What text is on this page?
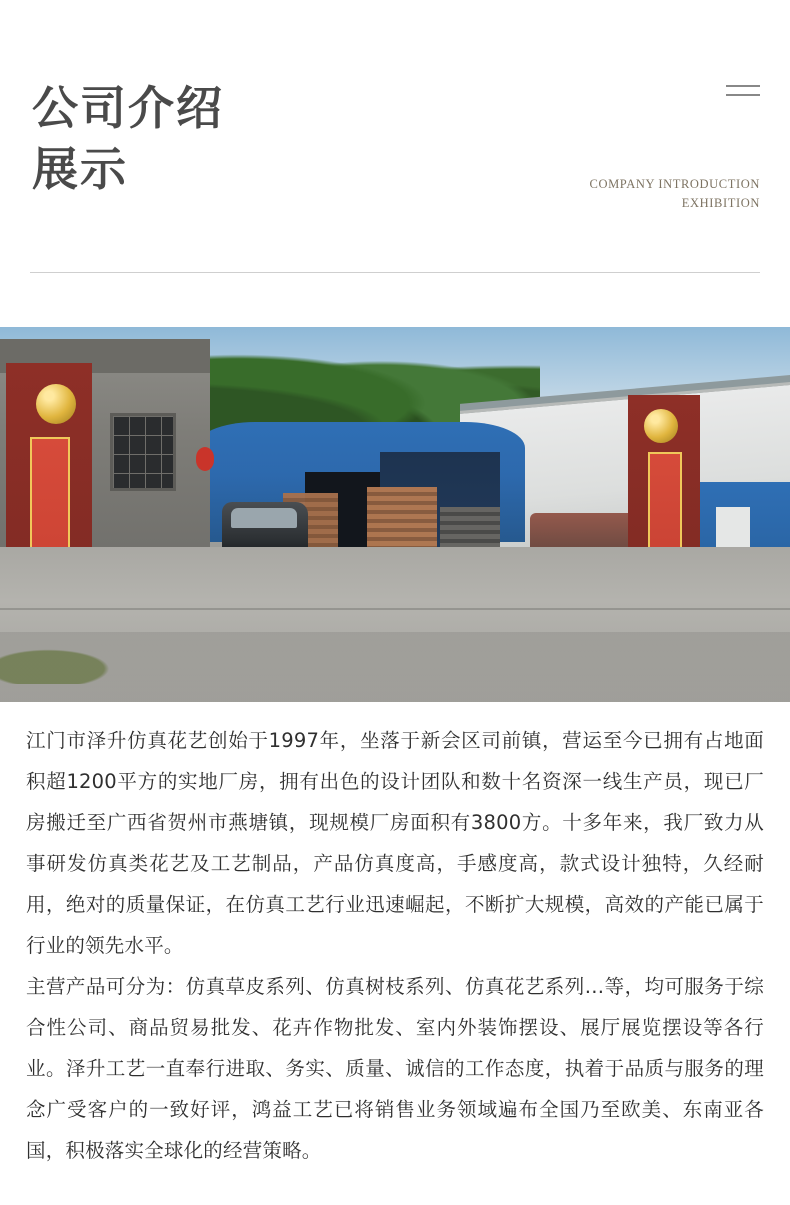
公司介绍
展示	COMPANY INTRODUCTION
EXHIBITION

江门市泽升仿真花艺创始于1997年，坐落于新会区司前镇，营运至今已拥有占地面积超1200平方的实地厂房，拥有出色的设计团队和数十名资深一线生产员，现已厂房搬迁至广西省贺州市燕塘镇，现规模厂房面积有3800方。十多年来，我厂致力从事研发仿真类花艺及工艺制品，产品仿真度高，手感度高，款式设计独特，久经耐用，绝对的质量保证，在仿真工艺行业迅速崛起，不断扩大规模，高效的产能已属于行业的领先水平。

主营产品可分为：仿真草皮系列、仿真树枝系列、仿真花艺系列…等，均可服务于综合性公司、商品贸易批发、花卉作物批发、室内外装饰摆设、展厅展览摆设等各行业。泽升工艺一直奉行进取、务实、质量、诚信的工作态度，执着于品质与服务的理念广受客户的一致好评，鸿益工艺已将销售业务领域遍布全国乃至欧美、东南亚各国，积极落实全球化的经营策略。
